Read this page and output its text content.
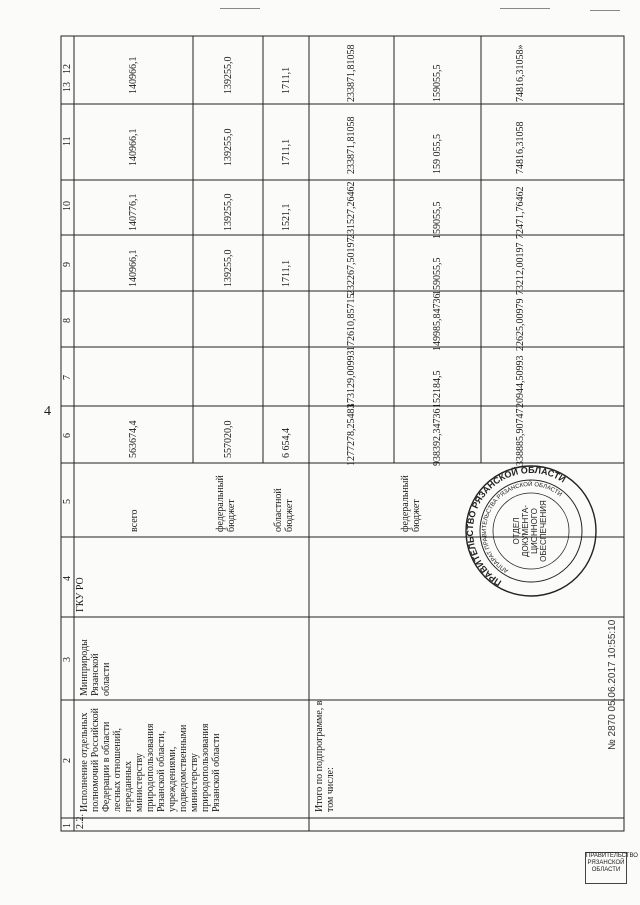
4
1
2
3
4
5
6
7
8
9
10
11
12
13
2.2.
Исполнение отдельных полномочий Российской Федерации в области лесных отношений, переданных министерству природопользования Рязанской области, учреждениями, подведомственными министерству природопользования Рязанской области
Минприроды Рязанской области
ГКУ РО
всего
563674,4
140966,1
140776,1
140966,1
140966,1
федеральный бюджет
557020,0
139255,0
139255,0
139255,0
139255,0
областной бюджет
6 654,4
1711,1
1521,1
1711,1
1711,1
Итого по подпрограмме, в том числе:
1277278,25483
173129,00993
172610,85715
232267,50197
231527,26462
233871,81058
233871,81058
федеральный бюджет
938392,34736
152184,5
149985,84736
159055,5
159055,5
159 055,5
159055,5
338885,90747
20944,50993
22625,00979
73212,00197
72471,76462
74816,31058
74816,31058»
ПРАВИТЕЛЬСТВО РЯЗАНСКОЙ ОБЛАСТИ
АППАРАТ ПРАВИТЕЛЬСТВА РЯЗАНСКОЙ ОБЛАСТИ
ОТДЕЛ ДОКУМЕНТА- ЦИОННОГО ОБЕСПЕЧЕНИЯ
№ 2870 05.06.2017 10:55:10
ПРАВИТЕЛЬСТВО РЯЗАНСКОЙ ОБЛАСТИ
